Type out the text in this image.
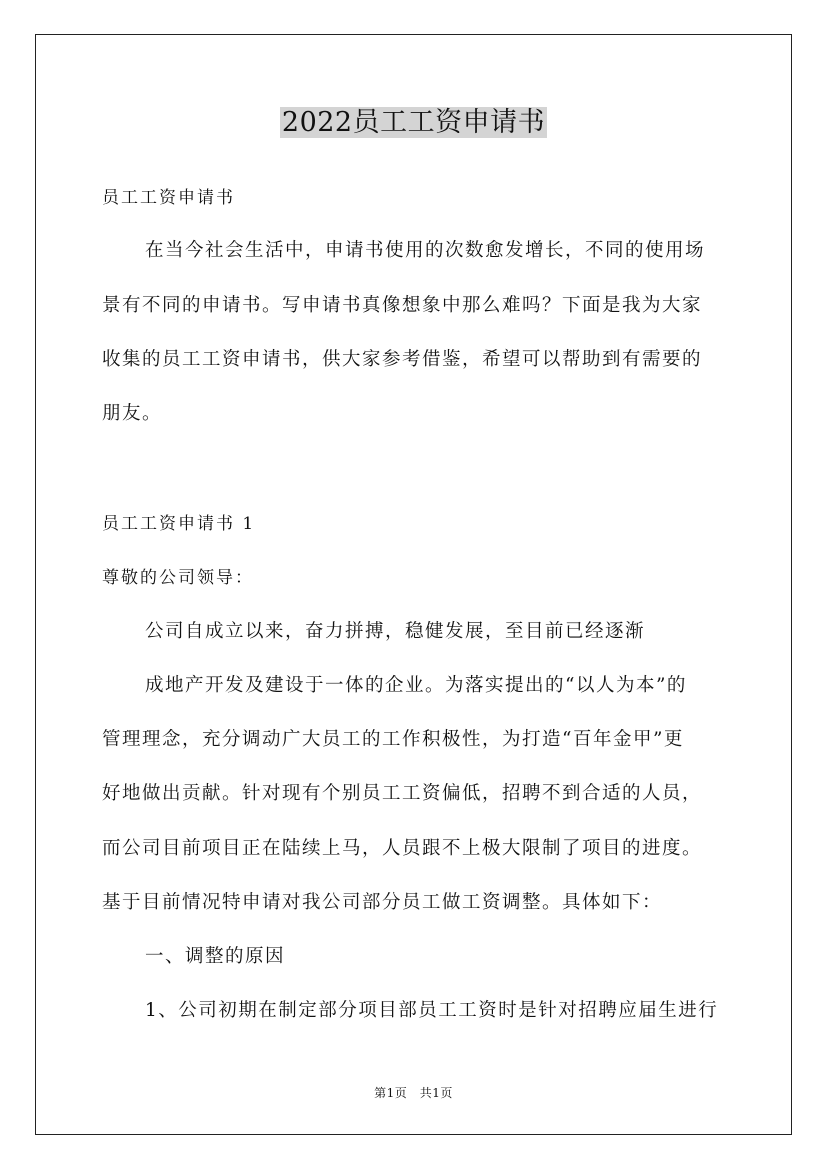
2022员工工资申请书
员工工资申请书
在当今社会生活中，申请书使用的次数愈发增长，不同的使用场
景有不同的申请书。写申请书真像想象中那么难吗？下面是我为大家
收集的员工工资申请书，供大家参考借鉴，希望可以帮助到有需要的
朋友。
员工工资申请书 1
尊敬的公司领导：
公司自成立以来，奋力拼搏，稳健发展，至目前已经逐渐
成地产开发及建设于一体的企业。为落实提出的“以人为本”的
管理理念，充分调动广大员工的工作积极性，为打造“百年金甲”更
好地做出贡献。针对现有个别员工工资偏低，招聘不到合适的人员，
而公司目前项目正在陆续上马，人员跟不上极大限制了项目的进度。
基于目前情况特申请对我公司部分员工做工资调整。具体如下：
一、调整的原因
1、公司初期在制定部分项目部员工工资时是针对招聘应届生进行
第1页　共1页
